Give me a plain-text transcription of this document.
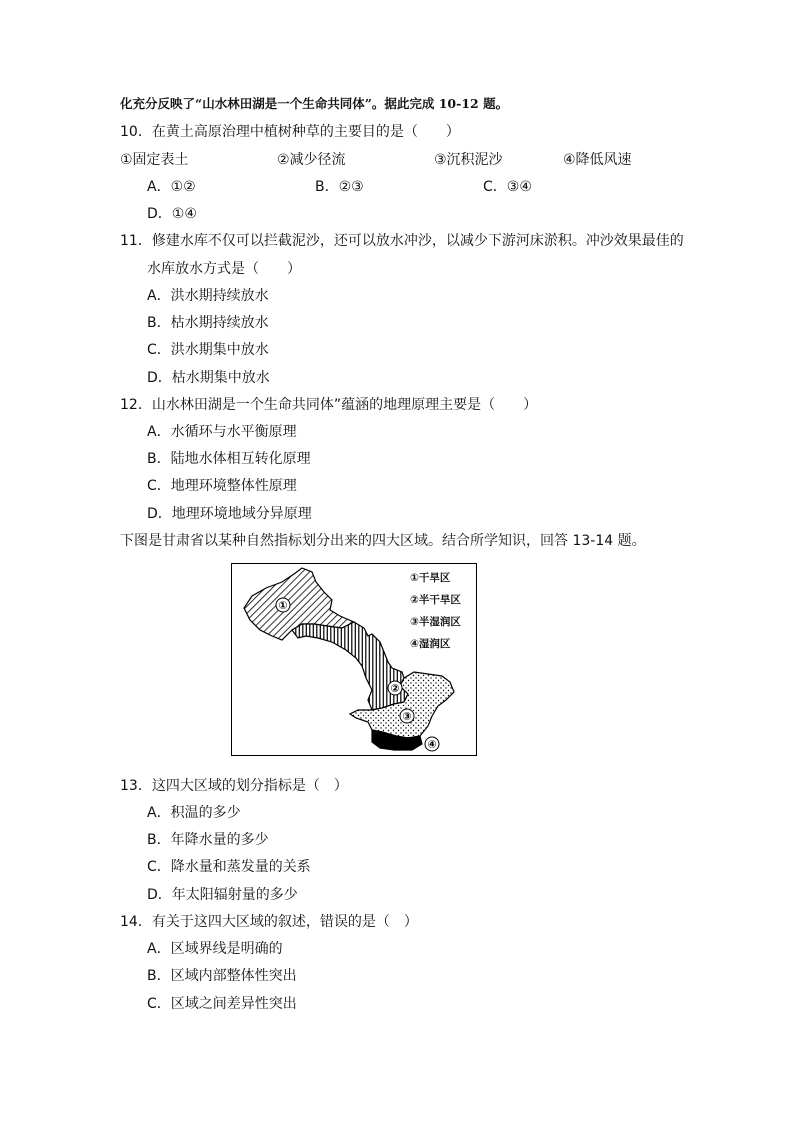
化充分反映了“山水林田湖是一个生命共同体”。据此完成 10-12 题。
10．在黄土高原治理中植树种草的主要目的是（　　）
①固定表土	②减少径流	③沉积泥沙	④降低风速
A．①②	B．②③	C．③④
D．①④
11．修建水库不仅可以拦截泥沙，还可以放水冲沙，以减少下游河床淤积。冲沙效果最佳的
水库放水方式是（　　）
A．洪水期持续放水
B．枯水期持续放水
C．洪水期集中放水
D．枯水期集中放水
12．山水林田湖是一个生命共同体”蕴涵的地理原理主要是（　　）
A．水循环与水平衡原理
B．陆地水体相互转化原理
C．地理环境整体性原理
D．地理环境地域分异原理
下图是甘肃省以某种自然指标划分出来的四大区域。结合所学知识，回答 13-14 题。
①
②
③
④
①干旱区
②半干旱区
③半湿润区
④湿润区
13．这四大区域的划分指标是（　）
A．积温的多少
B．年降水量的多少
C．降水量和蒸发量的关系
D．年太阳辐射量的多少
14．有关于这四大区域的叙述，错误的是（　）
A．区域界线是明确的
B．区域内部整体性突出
C．区域之间差异性突出
